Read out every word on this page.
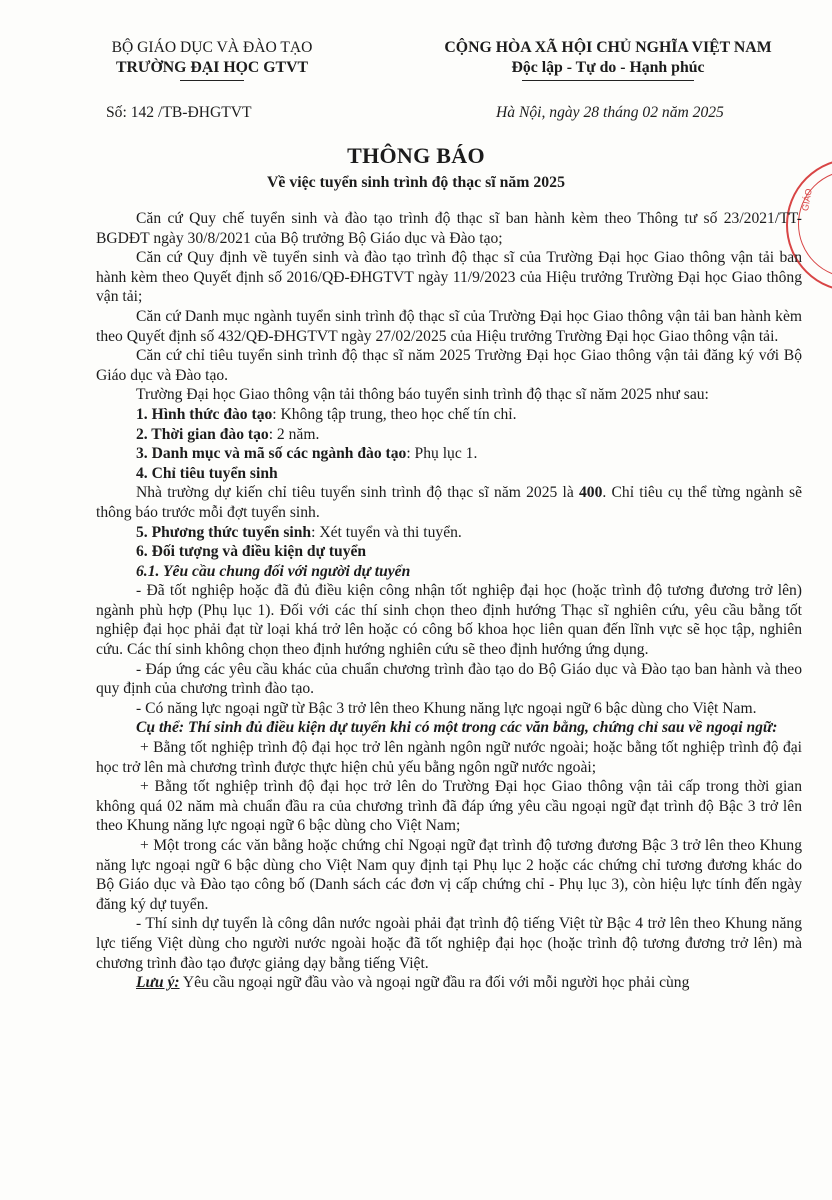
BỘ GIÁO DỤC VÀ ĐÀO TẠO
TRƯỜNG ĐẠI HỌC GTVT
CỘNG HÒA XÃ HỘI CHỦ NGHĨA VIỆT NAM
Độc lập - Tự do - Hạnh phúc
Số: 142 /TB-ĐHGTVT	Hà Nội, ngày 28 tháng 02 năm 2025
THÔNG BÁO
Về việc tuyển sinh trình độ thạc sĩ năm 2025
GIÁO

Căn cứ Quy chế tuyển sinh và đào tạo trình độ thạc sĩ ban hành kèm theo Thông tư số 23/2021/TT-BGDĐT ngày 30/8/2021 của Bộ trưởng Bộ Giáo dục và Đào tạo;

Căn cứ Quy định về tuyển sinh và đào tạo trình độ thạc sĩ của Trường Đại học Giao thông vận tải ban hành kèm theo Quyết định số 2016/QĐ-ĐHGTVT ngày 11/9/2023 của Hiệu trưởng Trường Đại học Giao thông vận tải;

Căn cứ Danh mục ngành tuyển sinh trình độ thạc sĩ của Trường Đại học Giao thông vận tải ban hành kèm theo Quyết định số 432/QĐ-ĐHGTVT ngày 27/02/2025 của Hiệu trưởng Trường Đại học Giao thông vận tải.

Căn cứ chỉ tiêu tuyển sinh trình độ thạc sĩ năm 2025 Trường Đại học Giao thông vận tải đăng ký với Bộ Giáo dục và Đào tạo.

Trường Đại học Giao thông vận tải thông báo tuyển sinh trình độ thạc sĩ năm 2025 như sau:

1. Hình thức đào tạo: Không tập trung, theo học chế tín chỉ.

2. Thời gian đào tạo: 2 năm.

3. Danh mục và mã số các ngành đào tạo: Phụ lục 1.

4. Chỉ tiêu tuyển sinh

Nhà trường dự kiến chỉ tiêu tuyển sinh trình độ thạc sĩ năm 2025 là 400. Chỉ tiêu cụ thể từng ngành sẽ thông báo trước mỗi đợt tuyển sinh.

5. Phương thức tuyển sinh: Xét tuyển và thi tuyển.

6. Đối tượng và điều kiện dự tuyển

6.1. Yêu cầu chung đối với người dự tuyển

- Đã tốt nghiệp hoặc đã đủ điều kiện công nhận tốt nghiệp đại học (hoặc trình độ tương đương trở lên) ngành phù hợp (Phụ lục 1). Đối với các thí sinh chọn theo định hướng Thạc sĩ nghiên cứu, yêu cầu bằng tốt nghiệp đại học phải đạt từ loại khá trở lên hoặc có công bố khoa học liên quan đến lĩnh vực sẽ học tập, nghiên cứu. Các thí sinh không chọn theo định hướng nghiên cứu sẽ theo định hướng ứng dụng.

- Đáp ứng các yêu cầu khác của chuẩn chương trình đào tạo do Bộ Giáo dục và Đào tạo ban hành và theo quy định của chương trình đào tạo.

- Có năng lực ngoại ngữ từ Bậc 3 trở lên theo Khung năng lực ngoại ngữ 6 bậc dùng cho Việt Nam.

Cụ thể: Thí sinh đủ điều kiện dự tuyển khi có một trong các văn bằng, chứng chỉ sau về ngoại ngữ:

+ Bằng tốt nghiệp trình độ đại học trở lên ngành ngôn ngữ nước ngoài; hoặc bằng tốt nghiệp trình độ đại học trở lên mà chương trình được thực hiện chủ yếu bằng ngôn ngữ nước ngoài;

+ Bằng tốt nghiệp trình độ đại học trở lên do Trường Đại học Giao thông vận tải cấp trong thời gian không quá 02 năm mà chuẩn đầu ra của chương trình đã đáp ứng yêu cầu ngoại ngữ đạt trình độ Bậc 3 trở lên theo Khung năng lực ngoại ngữ 6 bậc dùng cho Việt Nam;

+ Một trong các văn bằng hoặc chứng chỉ Ngoại ngữ đạt trình độ tương đương Bậc 3 trở lên theo Khung năng lực ngoại ngữ 6 bậc dùng cho Việt Nam quy định tại Phụ lục 2 hoặc các chứng chỉ tương đương khác do Bộ Giáo dục và Đào tạo công bố (Danh sách các đơn vị cấp chứng chỉ - Phụ lục 3), còn hiệu lực tính đến ngày đăng ký dự tuyển.

- Thí sinh dự tuyển là công dân nước ngoài phải đạt trình độ tiếng Việt từ Bậc 4 trở lên theo Khung năng lực tiếng Việt dùng cho người nước ngoài hoặc đã tốt nghiệp đại học (hoặc trình độ tương đương trở lên) mà chương trình đào tạo được giảng dạy bằng tiếng Việt.

Lưu ý: Yêu cầu ngoại ngữ đầu vào và ngoại ngữ đầu ra đối với mỗi người học phải cùng
